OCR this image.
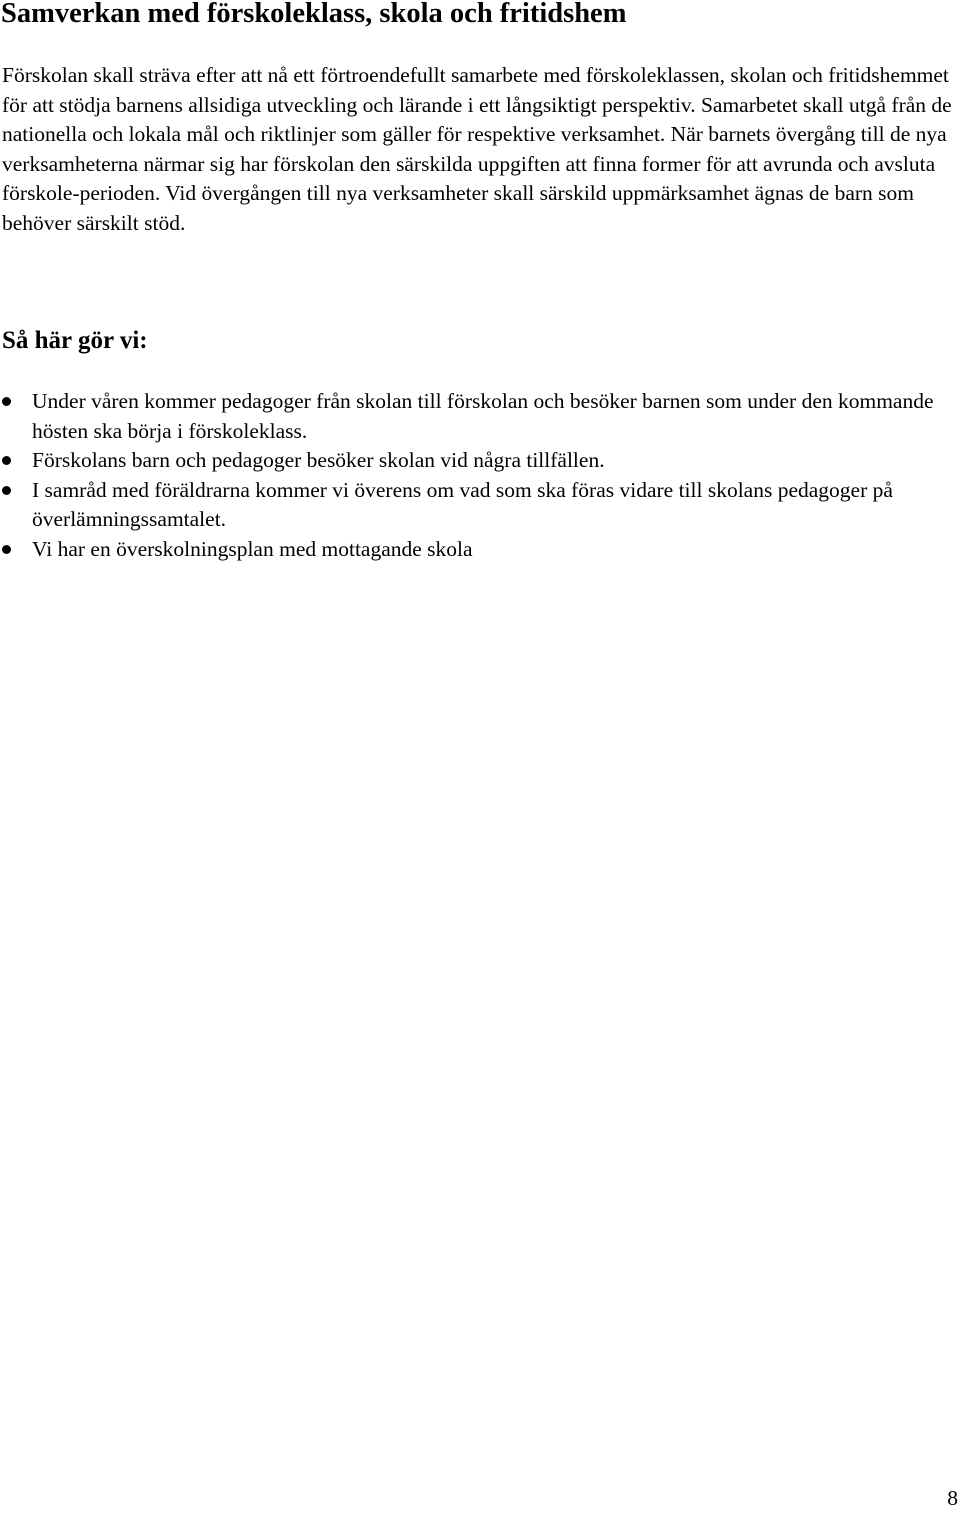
Samverkan med förskoleklass, skola och fritidshem

Förskolan skall sträva efter att nå ett förtroendefullt samarbete med förskoleklassen, skolan och fritidshemmet för att stödja barnens allsidiga utveckling och lärande i ett långsiktigt perspektiv. Samarbetet skall utgå från de nationella och lokala mål och riktlinjer som gäller för respektive verksamhet. När barnets övergång till de nya verksamheterna närmar sig har förskolan den särskilda uppgiften att finna former för att avrunda och avsluta förskole-perioden. Vid övergången till nya verksamheter skall särskild uppmärksamhet ägnas de barn som behöver särskilt stöd.

Så här gör vi:
Under våren kommer pedagoger från skolan till förskolan och besöker barnen som under den kommande hösten ska börja i förskoleklass.
Förskolans barn och pedagoger besöker skolan vid några tillfällen.
I samråd med föräldrarna kommer vi överens om vad som ska föras vidare till skolans pedagoger på överlämningssamtalet.
Vi har en överskolningsplan med mottagande skola
8
